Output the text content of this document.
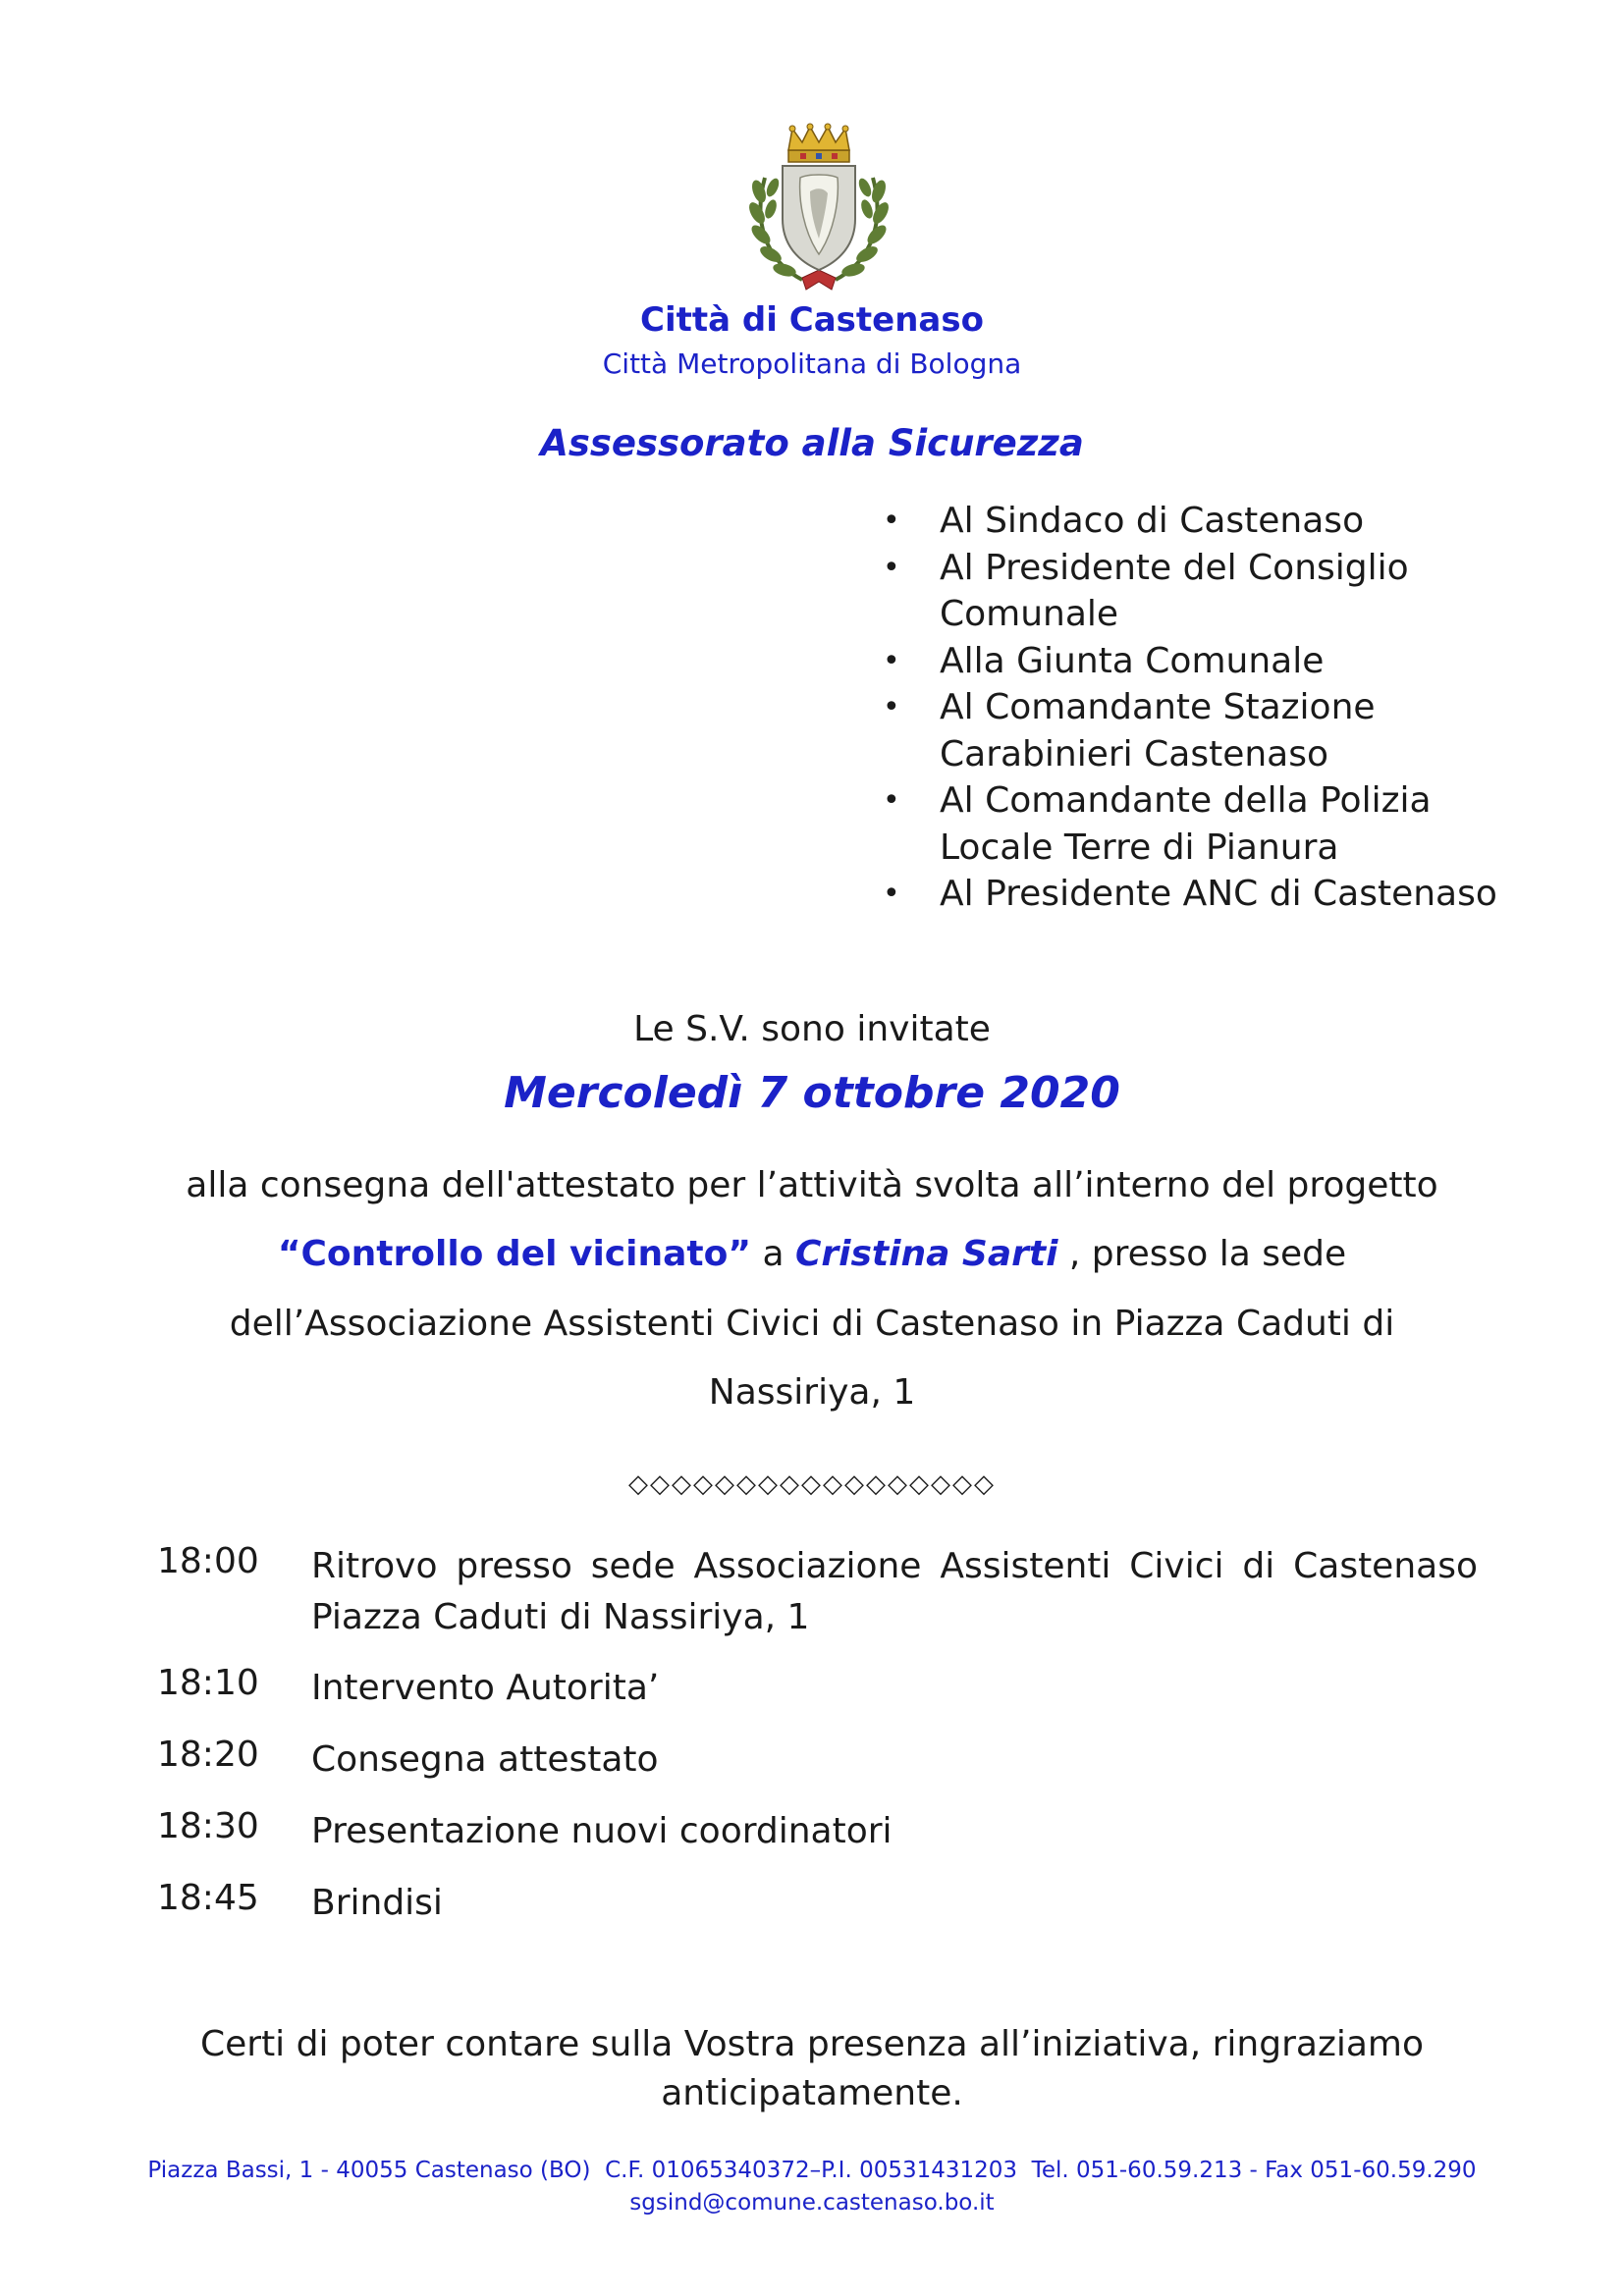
Città di Castenaso
Città Metropolitana di Bologna
Assessorato alla Sicurezza
• Al Sindaco di Castenaso
• Al Presidente del Consiglio Comunale
• Alla Giunta Comunale
• Al Comandante Stazione Carabinieri Castenaso
• Al Comandante della Polizia Locale Terre di Pianura
• Al Presidente ANC di Castenaso
Le S.V. sono invitate
Mercoledì 7 ottobre 2020
alla consegna dell'attestato per l’attività svolta all’interno del progetto
“Controllo del vicinato” a Cristina Sarti , presso la sede
dell’Associazione Assistenti Civici di Castenaso in Piazza Caduti di
Nassiriya, 1
◇◇◇◇◇◇◇◇◇◇◇◇◇◇◇◇◇
18:00 Ritrovo presso sede Associazione Assistenti Civici di Castenaso Piazza Caduti di Nassiriya, 1
18:10 Intervento Autorita’
18:20 Consegna attestato
18:30 Presentazione nuovi coordinatori
18:45 Brindisi
Certi di poter contare sulla Vostra presenza all’iniziativa, ringraziamo
anticipatamente.
Piazza Bassi, 1 - 40055 Castenaso (BO)  C.F. 01065340372–P.I. 00531431203  Tel. 051-60.59.213 - Fax 051-60.59.290
sgsind@comune.castenaso.bo.it
